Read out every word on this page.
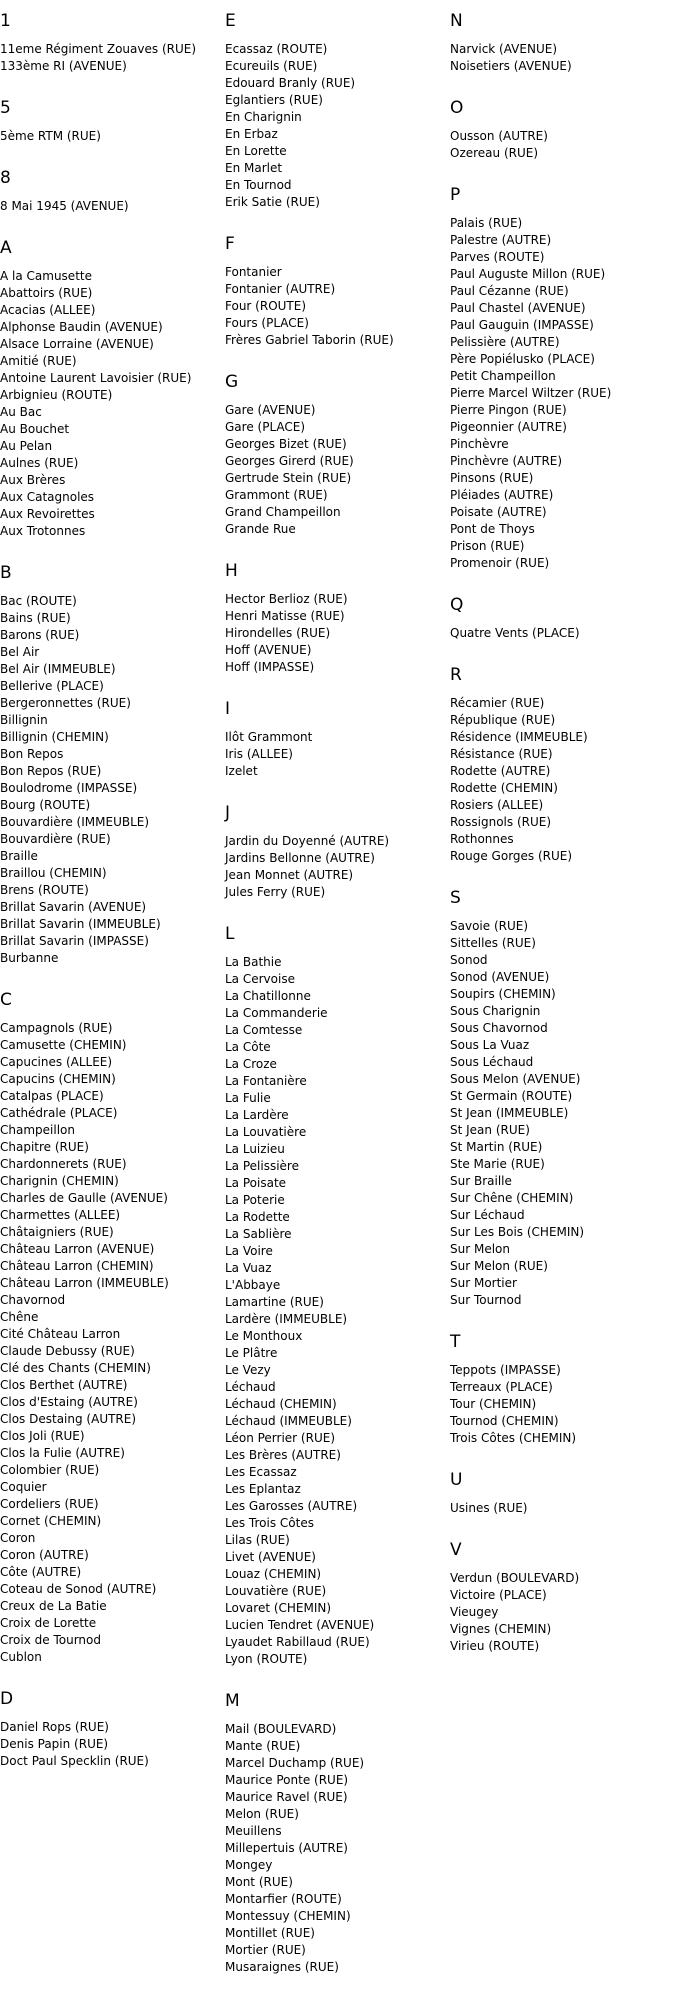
1
11eme Régiment Zouaves (RUE)
133ème RI (AVENUE)
5
5ème RTM (RUE)
8
8 Mai 1945 (AVENUE)
A
A la Camusette
Abattoirs (RUE)
Acacias (ALLEE)
Alphonse Baudin (AVENUE)
Alsace Lorraine (AVENUE)
Amitié (RUE)
Antoine Laurent Lavoisier (RUE)
Arbignieu (ROUTE)
Au Bac
Au Bouchet
Au Pelan
Aulnes (RUE)
Aux Brères
Aux Catagnoles
Aux Revoirettes
Aux Trotonnes
B
Bac (ROUTE)
Bains (RUE)
Barons (RUE)
Bel Air
Bel Air (IMMEUBLE)
Bellerive (PLACE)
Bergeronnettes (RUE)
Billignin
Billignin (CHEMIN)
Bon Repos
Bon Repos (RUE)
Boulodrome (IMPASSE)
Bourg (ROUTE)
Bouvardière (IMMEUBLE)
Bouvardière (RUE)
Braille
Braillou (CHEMIN)
Brens (ROUTE)
Brillat Savarin (AVENUE)
Brillat Savarin (IMMEUBLE)
Brillat Savarin (IMPASSE)
Burbanne
C
Campagnols (RUE)
Camusette (CHEMIN)
Capucines (ALLEE)
Capucins (CHEMIN)
Catalpas (PLACE)
Cathédrale (PLACE)
Champeillon
Chapitre (RUE)
Chardonnerets (RUE)
Charignin (CHEMIN)
Charles de Gaulle (AVENUE)
Charmettes (ALLEE)
Châtaigniers (RUE)
Château Larron (AVENUE)
Château Larron (CHEMIN)
Château Larron (IMMEUBLE)
Chavornod
Chêne
Cité Château Larron
Claude Debussy (RUE)
Clé des Chants (CHEMIN)
Clos Berthet (AUTRE)
Clos d'Estaing (AUTRE)
Clos Destaing (AUTRE)
Clos Joli (RUE)
Clos la Fulie (AUTRE)
Colombier (RUE)
Coquier
Cordeliers (RUE)
Cornet (CHEMIN)
Coron
Coron (AUTRE)
Côte (AUTRE)
Coteau de Sonod (AUTRE)
Creux de La Batie
Croix de Lorette
Croix de Tournod
Cublon
D
Daniel Rops (RUE)
Denis Papin (RUE)
Doct Paul Specklin (RUE)
E
Ecassaz (ROUTE)
Ecureuils (RUE)
Edouard Branly (RUE)
Eglantiers (RUE)
En Charignin
En Erbaz
En Lorette
En Marlet
En Tournod
Erik Satie (RUE)
F
Fontanier
Fontanier (AUTRE)
Four (ROUTE)
Fours (PLACE)
Frères Gabriel Taborin (RUE)
G
Gare (AVENUE)
Gare (PLACE)
Georges Bizet (RUE)
Georges Girerd (RUE)
Gertrude Stein (RUE)
Grammont (RUE)
Grand Champeillon
Grande Rue
H
Hector Berlioz (RUE)
Henri Matisse (RUE)
Hirondelles (RUE)
Hoff (AVENUE)
Hoff (IMPASSE)
I
Ilôt Grammont
Iris (ALLEE)
Izelet
J
Jardin du Doyenné (AUTRE)
Jardins Bellonne (AUTRE)
Jean Monnet (AUTRE)
Jules Ferry (RUE)
L
La Bathie
La Cervoise
La Chatillonne
La Commanderie
La Comtesse
La Côte
La Croze
La Fontanière
La Fulie
La Lardère
La Louvatière
La Luizieu
La Pelissière
La Poisate
La Poterie
La Rodette
La Sablière
La Voire
La Vuaz
L'Abbaye
Lamartine (RUE)
Lardère (IMMEUBLE)
Le Monthoux
Le Plâtre
Le Vezy
Léchaud
Léchaud (CHEMIN)
Léchaud (IMMEUBLE)
Léon Perrier (RUE)
Les Brères (AUTRE)
Les Ecassaz
Les Eplantaz
Les Garosses (AUTRE)
Les Trois Côtes
Lilas (RUE)
Livet (AVENUE)
Louaz (CHEMIN)
Louvatière (RUE)
Lovaret (CHEMIN)
Lucien Tendret (AVENUE)
Lyaudet Rabillaud (RUE)
Lyon (ROUTE)
M
Mail (BOULEVARD)
Mante (RUE)
Marcel Duchamp (RUE)
Maurice Ponte (RUE)
Maurice Ravel (RUE)
Melon (RUE)
Meuillens
Millepertuis (AUTRE)
Mongey
Mont (RUE)
Montarfier (ROUTE)
Montessuy (CHEMIN)
Montillet (RUE)
Mortier (RUE)
Musaraignes (RUE)
N
Narvick (AVENUE)
Noisetiers (AVENUE)
O
Ousson (AUTRE)
Ozereau (RUE)
P
Palais (RUE)
Palestre (AUTRE)
Parves (ROUTE)
Paul Auguste Millon (RUE)
Paul Cézanne (RUE)
Paul Chastel (AVENUE)
Paul Gauguin (IMPASSE)
Pelissière (AUTRE)
Père Popiélusko (PLACE)
Petit Champeillon
Pierre Marcel Wiltzer (RUE)
Pierre Pingon (RUE)
Pigeonnier (AUTRE)
Pinchèvre
Pinchèvre (AUTRE)
Pinsons (RUE)
Pléiades (AUTRE)
Poisate (AUTRE)
Pont de Thoys
Prison (RUE)
Promenoir (RUE)
Q
Quatre Vents (PLACE)
R
Récamier (RUE)
République (RUE)
Résidence (IMMEUBLE)
Résistance (RUE)
Rodette (AUTRE)
Rodette (CHEMIN)
Rosiers (ALLEE)
Rossignols (RUE)
Rothonnes
Rouge Gorges (RUE)
S
Savoie (RUE)
Sittelles (RUE)
Sonod
Sonod (AVENUE)
Soupirs (CHEMIN)
Sous Charignin
Sous Chavornod
Sous La Vuaz
Sous Léchaud
Sous Melon (AVENUE)
St Germain (ROUTE)
St Jean (IMMEUBLE)
St Jean (RUE)
St Martin (RUE)
Ste Marie (RUE)
Sur Braille
Sur Chêne (CHEMIN)
Sur Léchaud
Sur Les Bois (CHEMIN)
Sur Melon
Sur Melon (RUE)
Sur Mortier
Sur Tournod
T
Teppots (IMPASSE)
Terreaux (PLACE)
Tour (CHEMIN)
Tournod (CHEMIN)
Trois Côtes (CHEMIN)
U
Usines (RUE)
V
Verdun (BOULEVARD)
Victoire (PLACE)
Vieugey
Vignes (CHEMIN)
Virieu (ROUTE)
